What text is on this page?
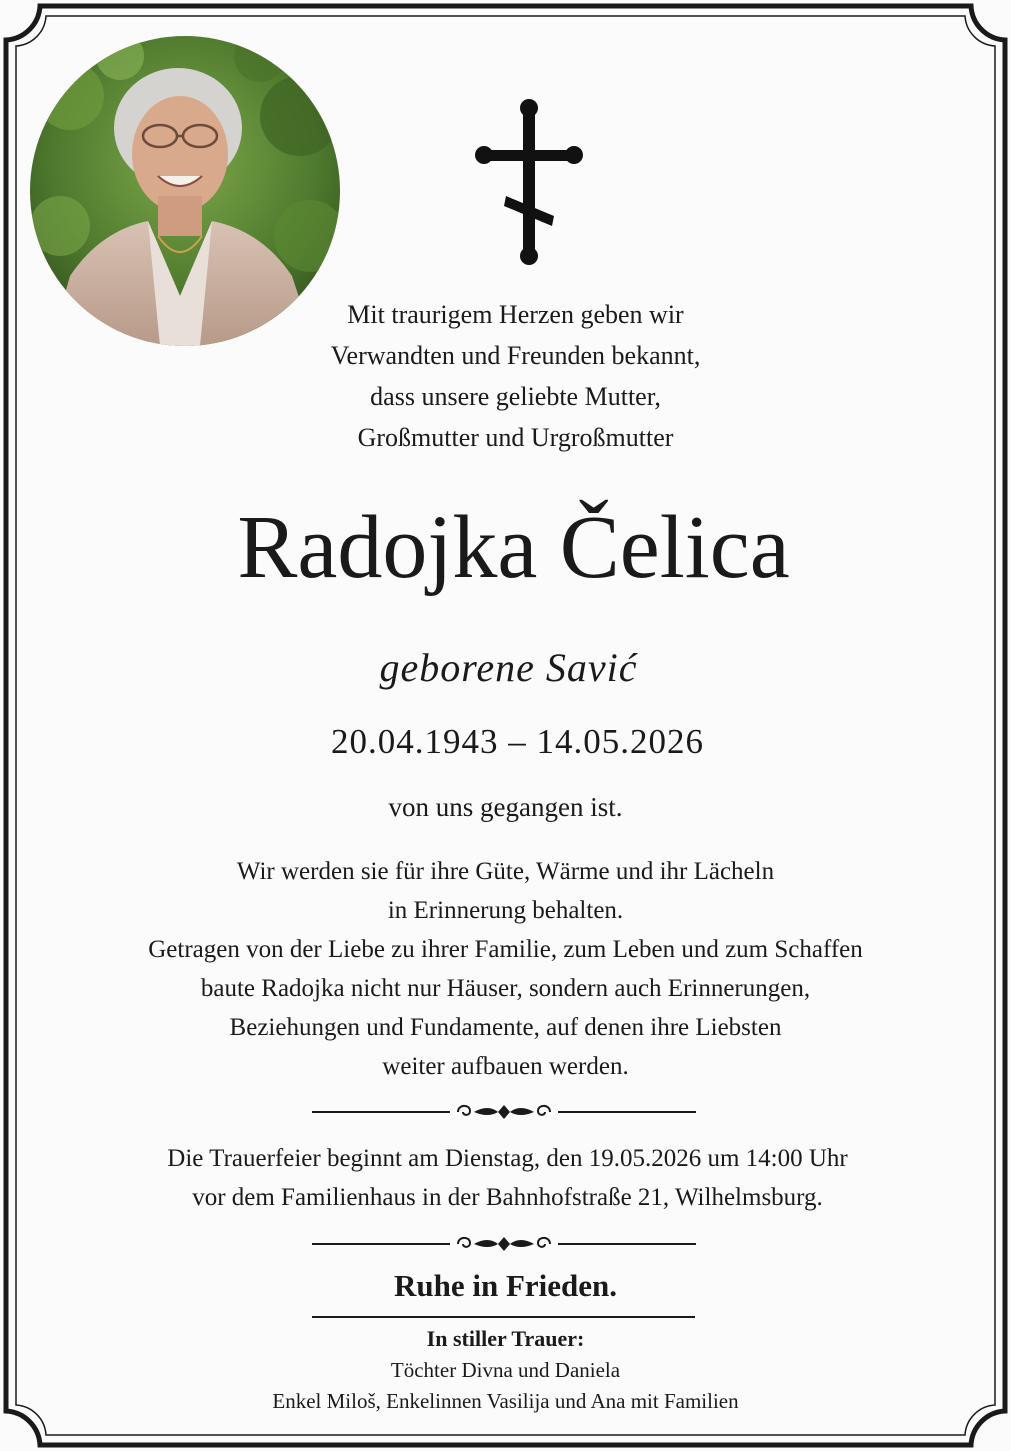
Mit traurigem Herzen geben wir
Verwandten und Freunden bekannt,
dass unsere geliebte Mutter,
Großmutter und Urgroßmutter
Radojka Čelica
geborene Savić
20.04.1943 – 14.05.2026
von uns gegangen ist.
Wir werden sie für ihre Güte, Wärme und ihr Lächeln
in Erinnerung behalten.
Getragen von der Liebe zu ihrer Familie, zum Leben und zum Schaffen
baute Radojka nicht nur Häuser, sondern auch Erinnerungen,
Beziehungen und Fundamente, auf denen ihre Liebsten
weiter aufbauen werden.
Die Trauerfeier beginnt am Dienstag, den 19.05.2026 um 14:00 Uhr
vor dem Familienhaus in der Bahnhofstraße 21, Wilhelmsburg.
Ruhe in Frieden.
In stiller Trauer:
Töchter Divna und Daniela
Enkel Miloš, Enkelinnen Vasilija und Ana mit Familien
